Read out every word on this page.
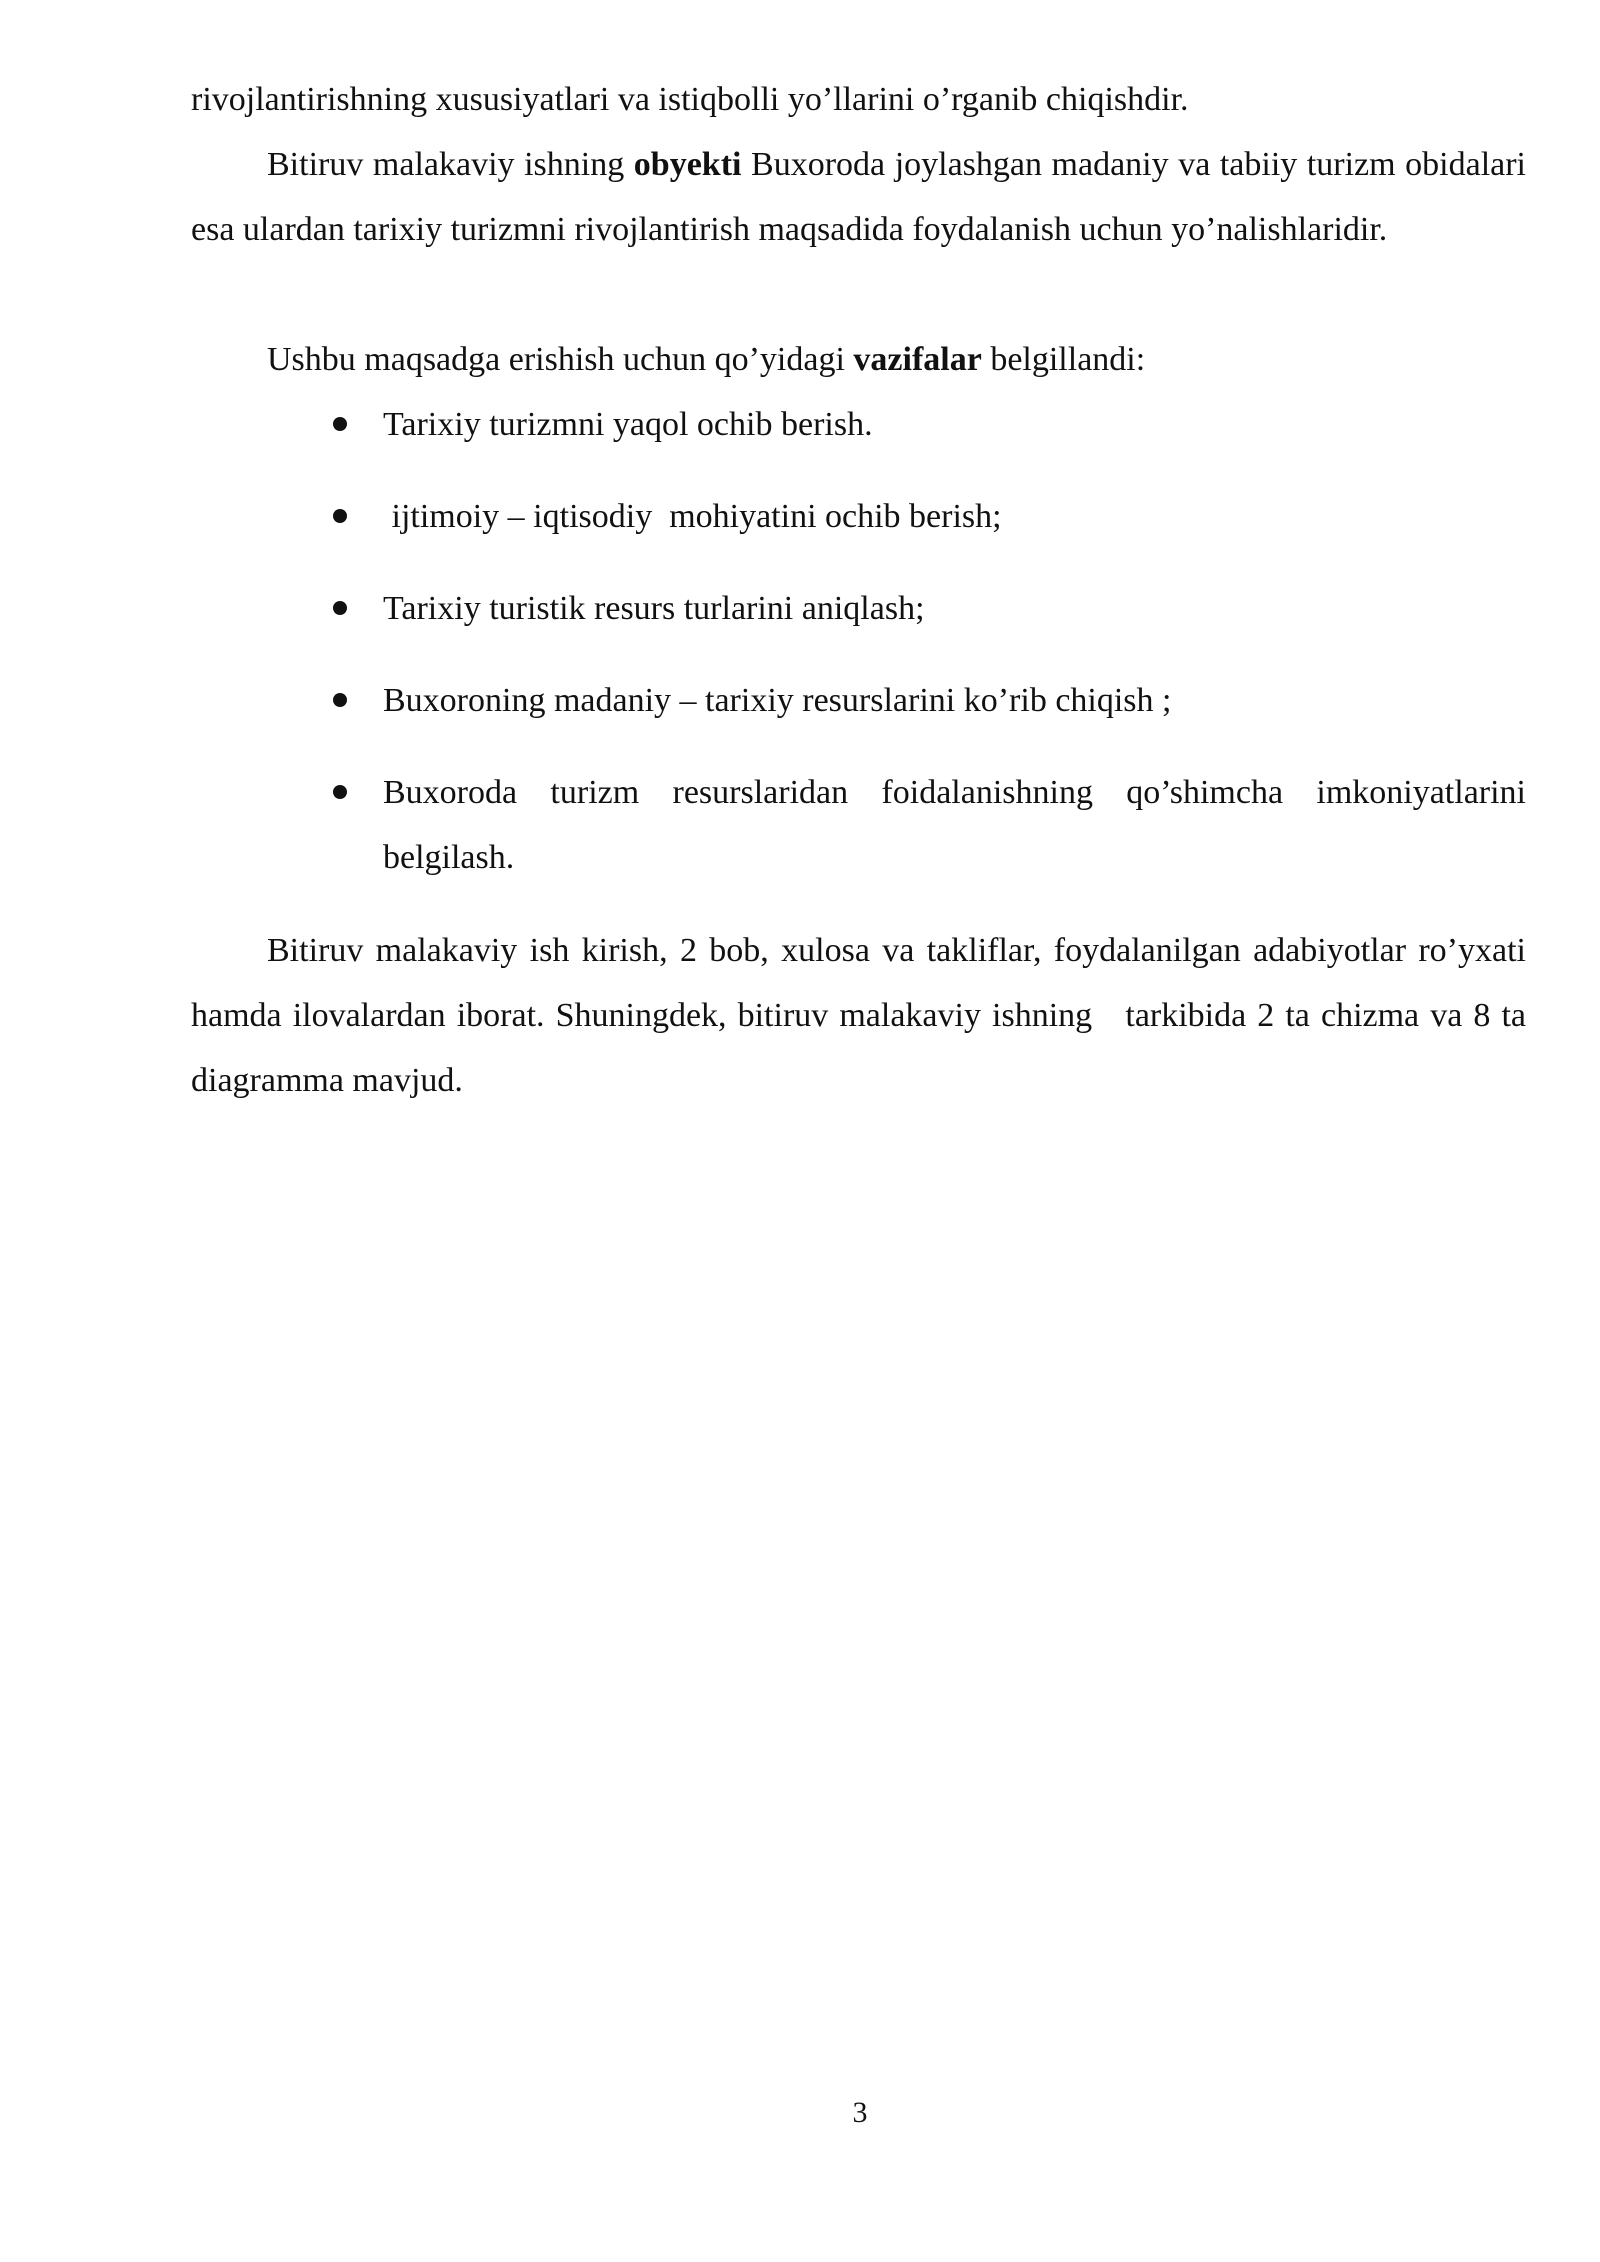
rivojlantirishning xususiyatlari va istiqbolli yo’llarini o’rganib chiqishdir.

Bitiruv malakaviy ishning obyekti Buxoroda joylashgan madaniy va tabiiy turizm obidalari esa ulardan tarixiy turizmni rivojlantirish maqsadida foydalanish uchun yo’nalishlaridir.

Ushbu maqsadga erishish uchun qo’yidagi vazifalar belgillandi:

Tarixiy turizmni yaqol ochib berish.
ijtimoiy – iqtisodiy  mohiyatini ochib berish;
Tarixiy turistik resurs turlarini aniqlash;
Buxoroning madaniy – tarixiy resurslarini ko’rib chiqish ;
Buxoroda turizm resurslaridan foidalanishning qo’shimcha imkoniyatlarini belgilash.

Bitiruv malakaviy ish kirish, 2 bob, xulosa va takliflar, foydalanilgan adabiyotlar ro’yxati hamda ilovalardan iborat. Shuningdek, bitiruv malakaviy ishning   tarkibida 2 ta chizma va 8 ta diagramma mavjud.

3
